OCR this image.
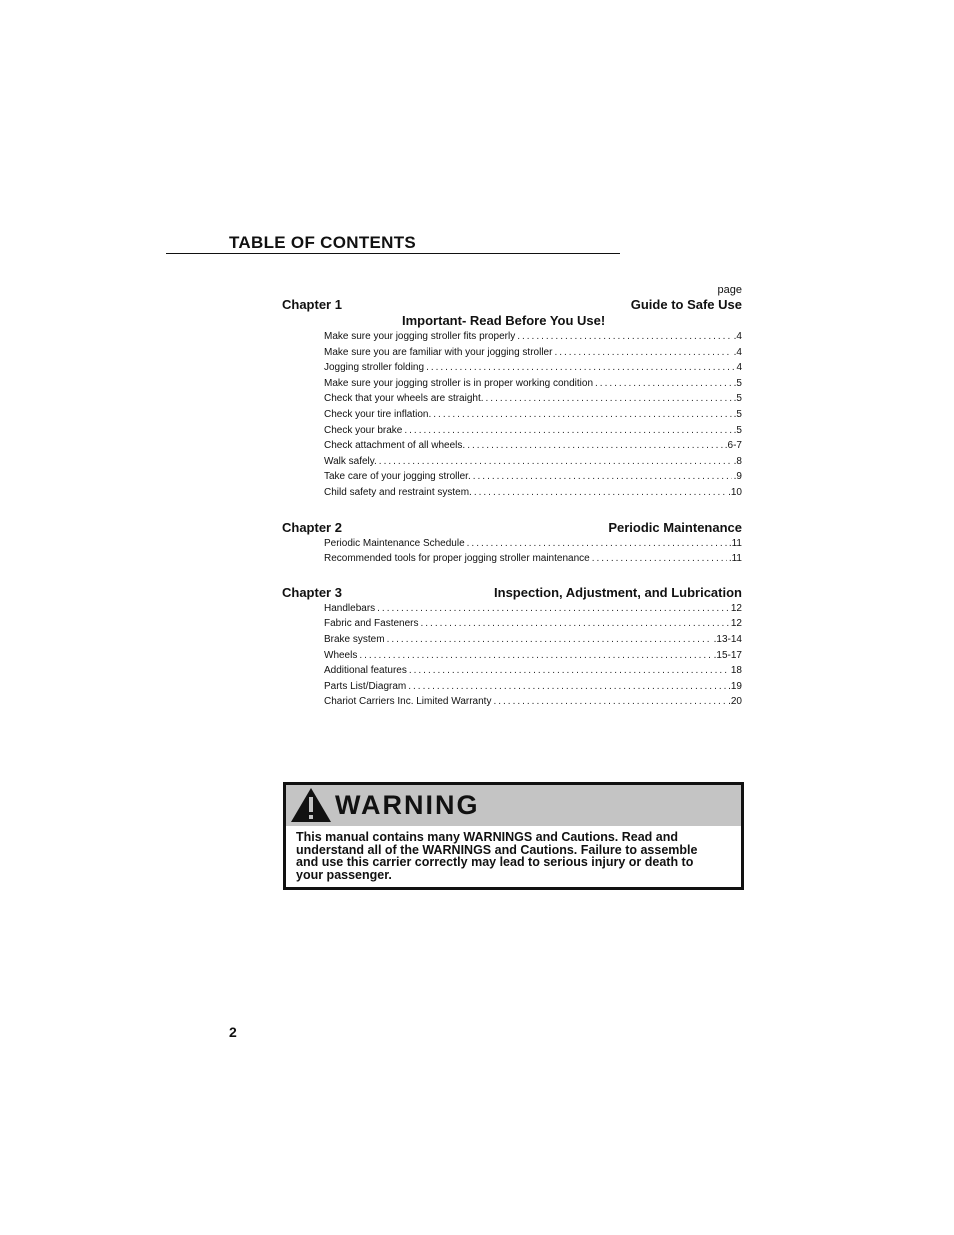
TABLE OF CONTENTS
page
Chapter 1	Guide to Safe Use
Important- Read Before You Use!
Make sure your jogging stroller fits properly .....	.4
Make sure you are familiar with your jogging stroller .....	.4
Jogging stroller folding .....	4
Make sure your jogging stroller is in proper working condition .....	.5
Check that your wheels are straight. .....	.5
Check your tire inflation. .....	.5
Check your brake .....	.5
Check attachment of all wheels. .....	.6-7
Walk safely. .....	.8
Take care of your jogging stroller. .....	.9
Child safety and restraint system. .....	.10
Chapter 2	Periodic Maintenance
Periodic Maintenance Schedule .....	.11
Recommended tools for proper jogging stroller maintenance .....	.11
Chapter 3	Inspection, Adjustment, and Lubrication
Handlebars .....	12
Fabric and Fasteners .....	12
Brake system .....	.13-14
Wheels .....	.15-17
Additional features .....	18
Parts List/Diagram .....	.19
Chariot Carriers Inc. Limited Warranty .....	.20
WARNING
This manual contains many WARNINGS and Cautions. Read and
understand all of the WARNINGS and Cautions. Failure to assemble
and use this carrier correctly may lead to serious injury or death to
your passenger.
2
